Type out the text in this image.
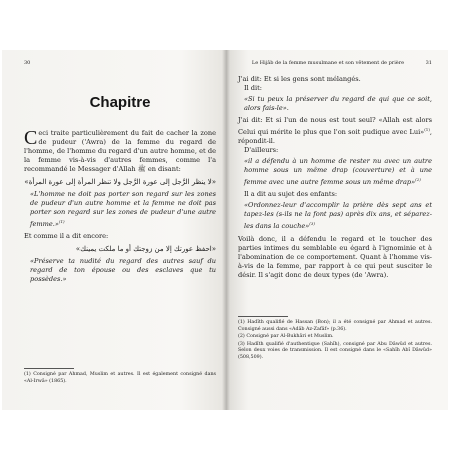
30
Chapitre

Ceci traite particulièrement du fait de cacher la zone de pudeur ('Awra) de la femme du regard de l'homme, de l'homme du regard d'un autre homme, et de la femme vis-à-vis d'autres femmes, comme l'a recommandé le Messager d'Allah ﷺ en disant:

«لا ينظر الرَّجل إلى عورة الرَّجل ولا تنظر المرأة إلى عورة المرأة»

«L'homme ne doit pas porter son regard sur les zones de pudeur d'un autre homme et la femme ne doit pas porter son regard sur les zones de pudeur d'une autre femme.»$^{(1)}$

Et comme il a dit encore:

«احفظ عورتك إلا من زوجتك أو ما ملكت يمينك»

«Préserve ta nudité du regard des autres sauf du regard de ton épouse ou des esclaves que tu possèdes.»

(1) Consigné par Ahmad, Muslim et autres. Il est également consigné dans «Al-Irwâ» (1865).

Le Hijâb de la femme musulmane et son vêtement de prière	31

J'ai dit: Et si les gens sont mélangés.

Il dit:

«Si tu peux la préserver du regard de qui que ce soit, alors fais-le».

J'ai dit: Et si l'un de nous est tout seul? «Allah est alors Celui qui mérite le plus que l'on soit pudique avec Lui»$^{(1)}$, répondit-il.

D'ailleurs:

«il a défendu à un homme de rester nu avec un autre homme sous un même drap (couverture) et à une femme avec une autre femme sous un même drap»$^{(2)}$

Il a dit au sujet des enfants:

«Ordonnez-leur d'accomplir la prière dès sept ans et tapez-les (s-ils ne la font pas) après dix ans, et séparez-les dans la couche»$^{(3)}$

Voilà donc, il a défendu le regard et le toucher des parties intimes du semblable eu égard à l'ignominie et à l'abomination de ce comportement. Quant à l'homme vis-à-vis de la femme, par rapport à ce qui peut susciter le désir. Il s'agit donc de deux types (de 'Awra).

(1) Hadîth qualifié de Hassan (Bon); il a été consigné par Ahmad et autres. Consigné aussi dans «Adâb Az-Zafâf» (p.36).

(2) Consigné par Al-Bukhâri et Muslim.

(3) Hadîth qualifié d'authentique (Sahîh), consigné par Abu Dâwûd et autres. Selon deux voies de transmission. Il est consigné dans le «Sahîh Abî Dâwûd» (508,509).
